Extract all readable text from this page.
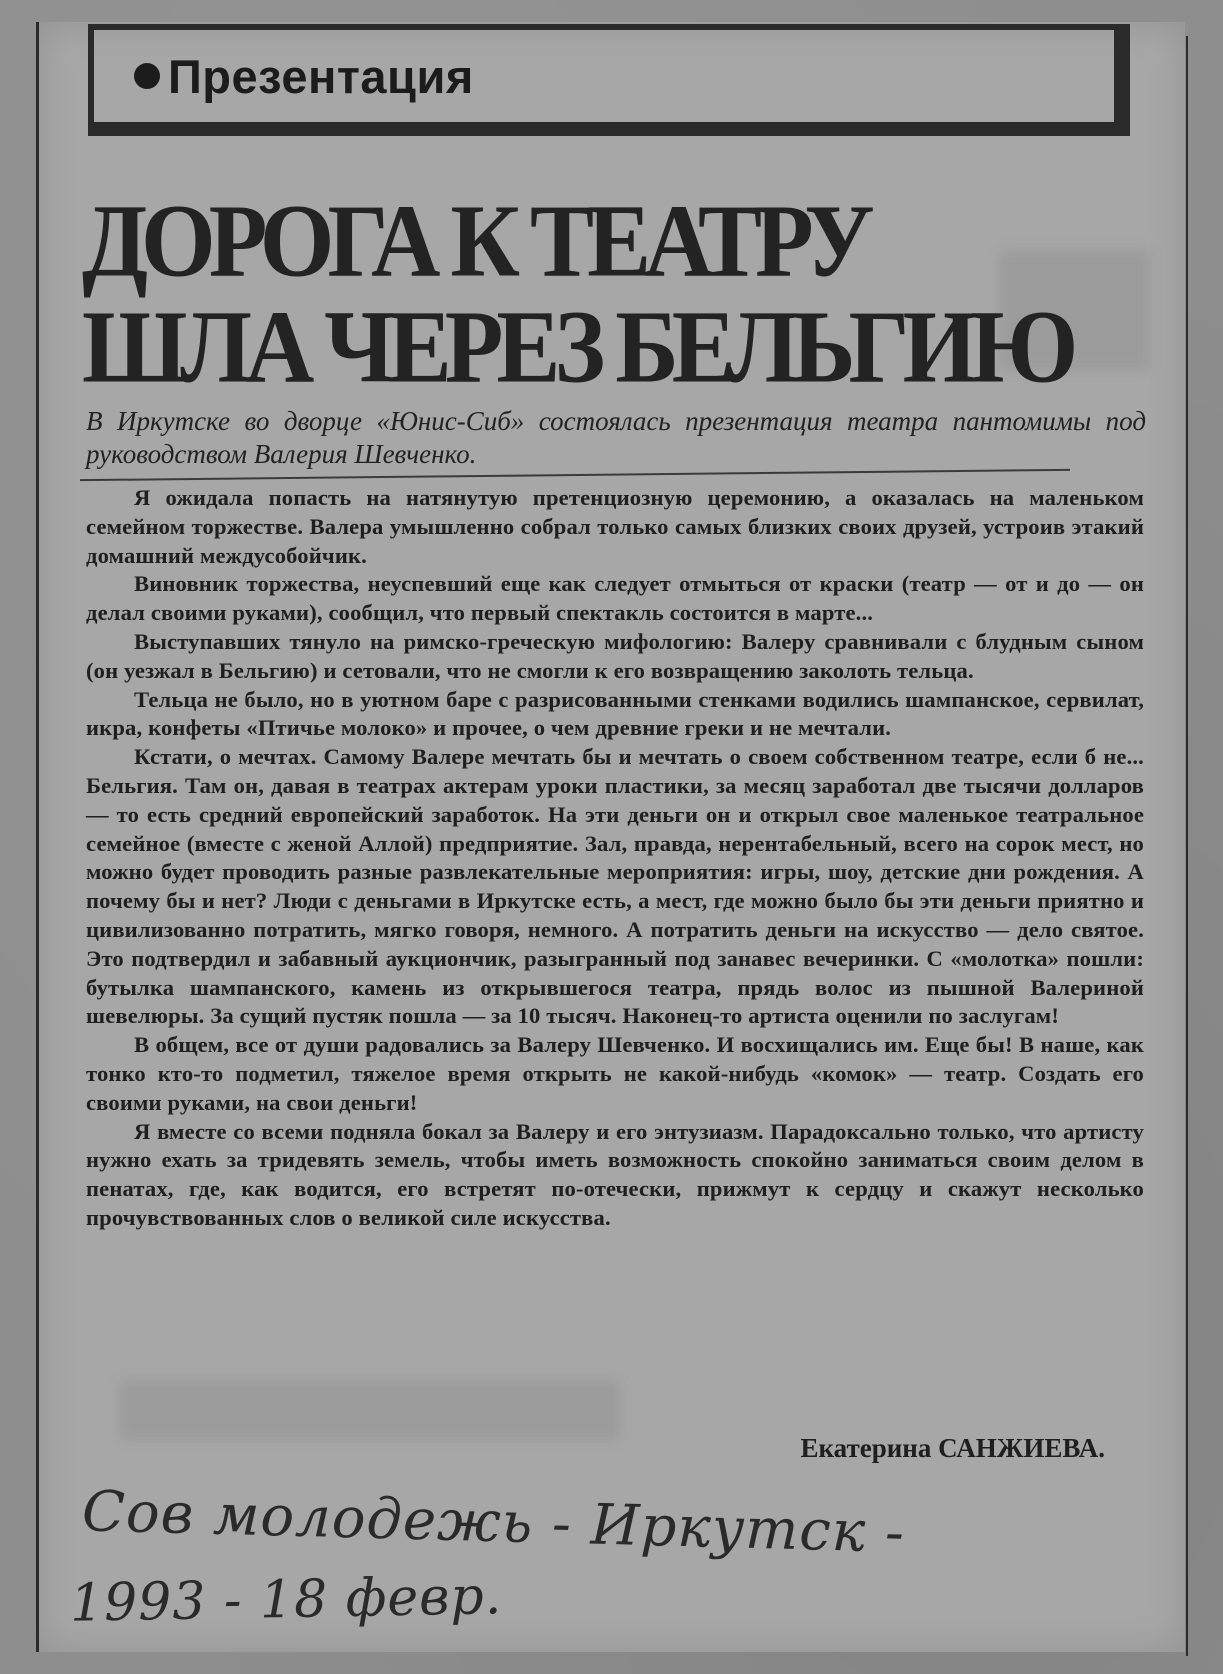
Презентация
ДОРОГА К ТЕАТРУ
ШЛА ЧЕРЕЗ БЕЛЬГИЮ
В Иркутске во дворце «Юнис-Сиб» состоялась презентация театра пантомимы под руководством Валерия Шевченко.

Я ожидала попасть на натянутую претенциозную церемонию, а оказалась на маленьком семейном торжестве. Валера умышленно собрал только самых близких своих друзей, устроив этакий домашний междусобойчик.

Виновник торжества, неуспевший еще как следует отмыться от краски (театр — от и до — он делал своими руками), сообщил, что первый спектакль состоится в марте...

Выступавших тянуло на римско-греческую мифологию: Валеру сравнивали с блудным сыном (он уезжал в Бельгию) и сетовали, что не смогли к его возвращению заколоть тельца.

Тельца не было, но в уютном баре с разрисованными стенками водились шампанское, сервилат, икра, конфеты «Птичье молоко» и прочее, о чем древние греки и не мечтали.

Кстати, о мечтах. Самому Валере мечтать бы и мечтать о своем собственном театре, если б не... Бельгия. Там он, давая в театрах актерам уроки пластики, за месяц заработал две тысячи долларов — то есть средний европейский заработок. На эти деньги он и открыл свое маленькое театральное семейное (вместе с женой Аллой) предприятие. Зал, правда, нерентабельный, всего на сорок мест, но можно будет проводить разные развлекательные мероприятия: игры, шоу, детские дни рождения. А почему бы и нет? Люди с деньгами в Иркутске есть, а мест, где можно было бы эти деньги приятно и цивилизованно потратить, мягко говоря, немного. А потратить деньги на искусство — дело святое. Это подтвердил и забавный аукциончик, разыгранный под занавес вечеринки. С «молотка» пошли: бутылка шампанского, камень из открывшегося театра, прядь волос из пышной Валериной шевелюры. За сущий пустяк пошла — за 10 тысяч. Наконец-то артиста оценили по заслугам!

В общем, все от души радовались за Валеру Шевченко. И восхищались им. Еще бы! В наше, как тонко кто-то подметил, тяжелое время открыть не какой-нибудь «комок» — театр. Создать его своими руками, на свои деньги!

Я вместе со всеми подняла бокал за Валеру и его энтузиазм. Парадоксально только, что артисту нужно ехать за тридевять земель, чтобы иметь возможность спокойно заниматься своим делом в пенатах, где, как водится, его встретят по-отечески, прижмут к сердцу и скажут несколько прочувствованных слов о великой силе искусства.

Екатерина САНЖИЕВА.
Сов молодежь - Иркутск -
1993 - 18 февр.
